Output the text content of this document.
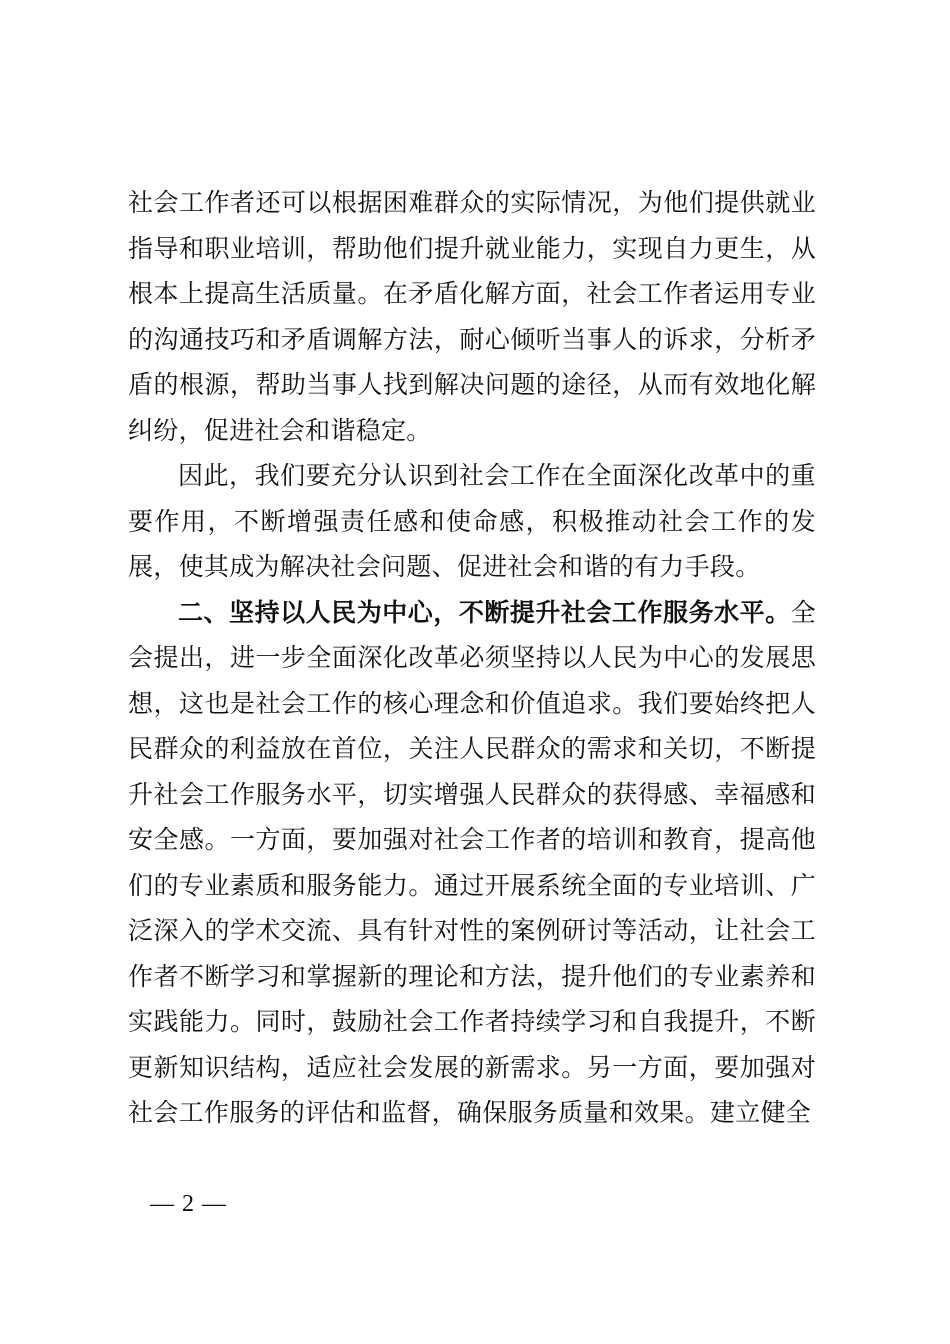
社会工作者还可以根据困难群众的实际情况，为他们提供就业指导和职业培训，帮助他们提升就业能力，实现自力更生，从根本上提高生活质量。在矛盾化解方面，社会工作者运用专业的沟通技巧和矛盾调解方法，耐心倾听当事人的诉求，分析矛盾的根源，帮助当事人找到解决问题的途径，从而有效地化解纠纷，促进社会和谐稳定。

因此，我们要充分认识到社会工作在全面深化改革中的重要作用，不断增强责任感和使命感，积极推动社会工作的发展，使其成为解决社会问题、促进社会和谐的有力手段。

二、坚持以人民为中心，不断提升社会工作服务水平。全会提出，进一步全面深化改革必须坚持以人民为中心的发展思想，这也是社会工作的核心理念和价值追求。我们要始终把人民群众的利益放在首位，关注人民群众的需求和关切，不断提升社会工作服务水平，切实增强人民群众的获得感、幸福感和安全感。一方面，要加强对社会工作者的培训和教育，提高他们的专业素质和服务能力。通过开展系统全面的专业培训、广泛深入的学术交流、具有针对性的案例研讨等活动，让社会工作者不断学习和掌握新的理论和方法，提升他们的专业素养和实践能力。同时，鼓励社会工作者持续学习和自我提升，不断更新知识结构，适应社会发展的新需求。另一方面，要加强对社会工作服务的评估和监督，确保服务质量和效果。建立健全

— 2 —
